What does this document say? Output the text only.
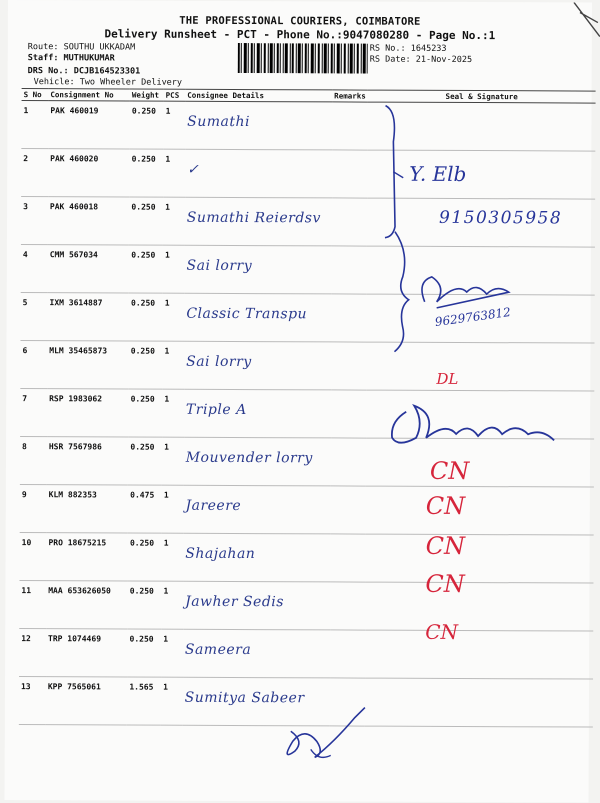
THE PROFESSIONAL COURIERS, COIMBATORE
Delivery Runsheet - PCT - Phone No.:9047080280 - Page No.:1
Route: SOUTHU UKKADAM
Staff: MUTHUKUMAR
DRS No.: DCJB164523301
Vehicle: Two Wheeler Delivery
RS No.: 1645233
RS Date: 21-Nov-2025
S No	Consignment No	Weight	PCS	Consignee Details	Remarks	Seal & Signature
1	PAK 460019	0.250	1	Sumathi		
2	PAK 460020	0.250	1	✓		
3	PAK 460018	0.250	1	Sumathi Reierdsv		
4	CMM 567034	0.250	1	Sai lorry		
5	IXM 3614887	0.250	1	Classic Transpu		
6	MLM 35465873	0.250	1	Sai lorry		
7	RSP 1983062	0.250	1	Triple A		
8	HSR 7567986	0.250	1	Mouvender lorry		
9	KLM 882353	0.475	1	Jareere		
10	PRO 18675215	0.250	1	Shajahan		
11	MAA 653626050	0.250	1	Jawher Sedis		
12	TRP 1074469	0.250	1	Sameera		
13	KPP 7565061	1.565	1	Sumitya Sabeer		
Y. Elb
9150305958
9629763812
DL
CN
CN
CN
CN
CN
